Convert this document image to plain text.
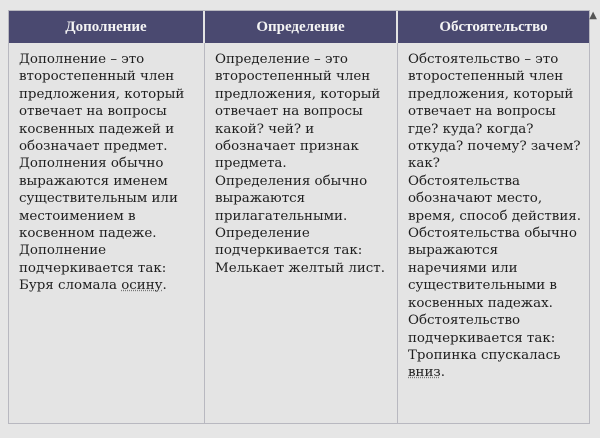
Дополнение	Определение	Обстоятельство

Дополнение – это второстепенный член предложения, который отвечает на вопросы косвенных падежей и обозначает предмет.

Дополнения обычно выражаются именем существительным или местоимением в косвенном падеже.

Дополнение подчеркивается так: Буря сломала осину.

Определение – это второстепенный член предложения, который отвечает на вопросы какой? чей? и обозначает признак предмета.

Определения обычно выражаются прилагательными.

Определение подчеркивается так:

Мелькает желтый лист.

Обстоятельство – это второстепенный член предложения, который отвечает на вопросы где? куда? когда? откуда? почему? зачем? как?

Обстоятельства обозначают место, время, способ действия.

Обстоятельства обычно выражаются наречиями или существительными в косвенных падежах.

Обстоятельство подчеркивается так:

Тропинка спускалась вниз.

▲
